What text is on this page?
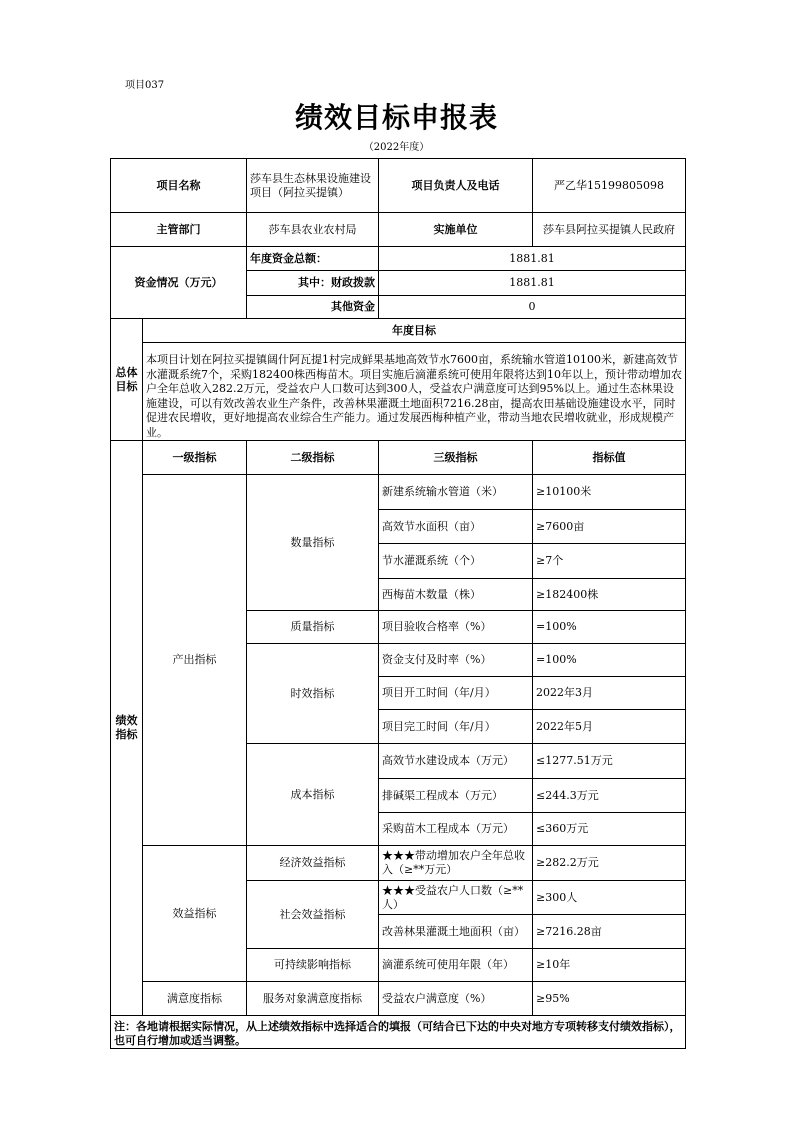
项目037
绩效目标申报表
（2022年度）
项目名称		莎车县生态林果设施建设项目（阿拉买提镇）	项目负责人及电话	严乙华15199805098
主管部门		莎车县农业农村局	实施单位	莎车县阿拉买提镇人民政府
资金情况（万元）		年度资金总额：	1881.81	
		其中：财政拨款	1881.81	
		其他资金	0	
总体目标	年度目标			
	本项目计划在阿拉买提镇阔什阿瓦提1村完成鲜果基地高效节水7600亩，系统输水管道10100米，新建高效节水灌溉系统7个，采购182400株西梅苗木。项目实施后滴灌系统可使用年限将达到10年以上，预计带动增加农户全年总收入282.2万元，受益农户人口数可达到300人，受益农户满意度可达到95%以上。通过生态林果设施建设，可以有效改善农业生产条件，改善林果灌溉土地面积7216.28亩，提高农田基础设施建设水平，同时促进农民增收，更好地提高农业综合生产能力。通过发展西梅种植产业，带动当地农民增收就业，形成规模产业。			
绩效指标	一级指标	二级指标	三级指标	指标值
	产出指标	数量指标	新建系统输水管道（米）	≥10100米
			高效节水面积（亩）	≥7600亩
			节水灌溉系统（个）	≥7个
			西梅苗木数量（株）	≥182400株
		质量指标	项目验收合格率（%）	=100%
		时效指标	资金支付及时率（%）	=100%
			项目开工时间（年/月）	2022年3月
			项目完工时间（年/月）	2022年5月
		成本指标	高效节水建设成本（万元）	≤1277.51万元
			排碱渠工程成本（万元）	≤244.3万元
			采购苗木工程成本（万元）	≤360万元
	效益指标	经济效益指标	★★★带动增加农户全年总收入（≥**万元）	≥282.2万元
		社会效益指标	★★★受益农户人口数（≥**人）	≥300人
			改善林果灌溉土地面积（亩）	≥7216.28亩
		可持续影响指标	滴灌系统可使用年限（年）	≥10年
	满意度指标	服务对象满意度指标	受益农户满意度（%）	≥95%
注：各地请根据实际情况，从上述绩效指标中选择适合的填报（可结合已下达的中央对地方专项转移支付绩效指标），也可自行增加或适当调整。				
